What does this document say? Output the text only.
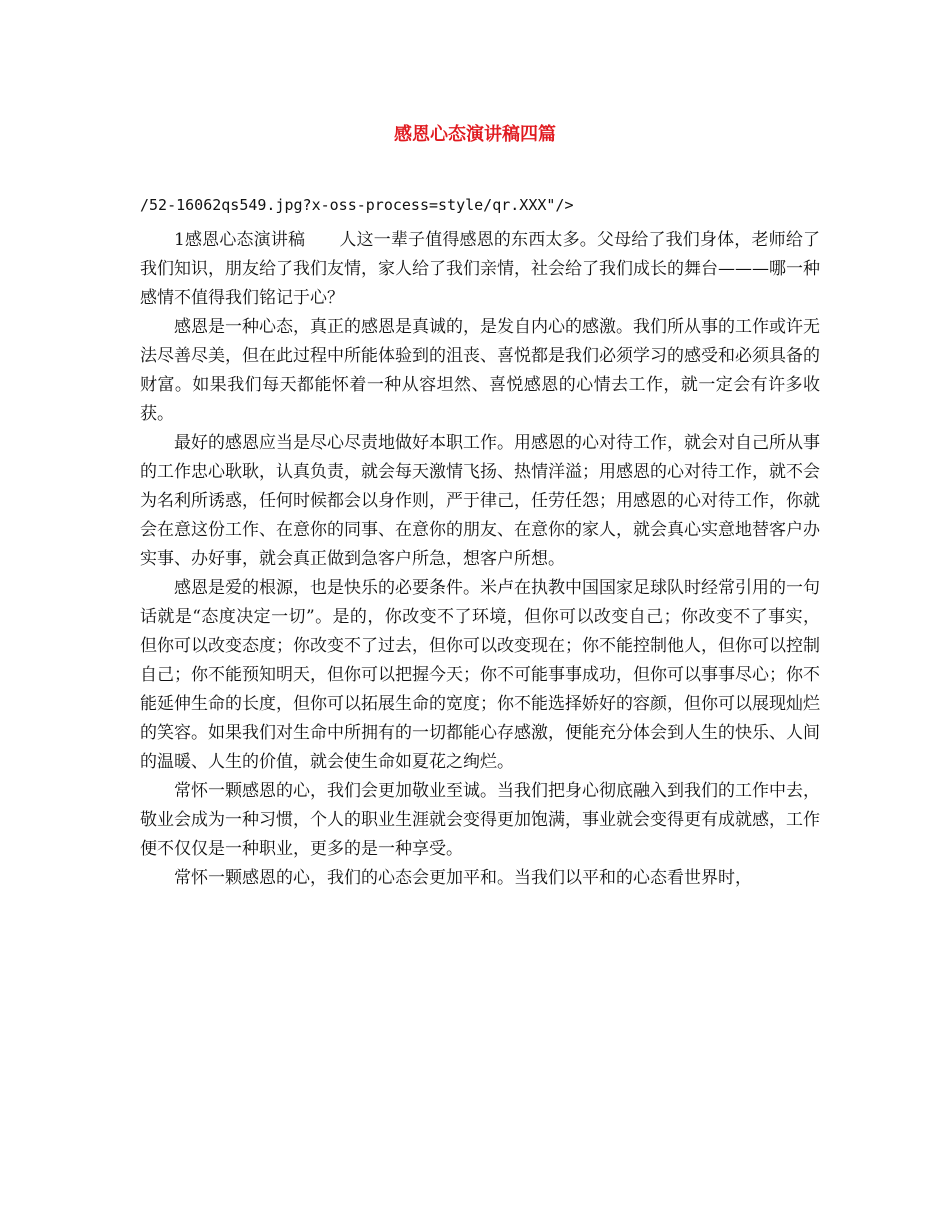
感恩心态演讲稿四篇
/52-16062qs549.jpg?x-oss-process=style/qr.XXX"/>

1感恩心态演讲稿 人这一辈子值得感恩的东西太多。父母给了我们身体，老师给了我们知识，朋友给了我们友情，家人给了我们亲情，社会给了我们成长的舞台———哪一种感情不值得我们铭记于心？

感恩是一种心态，真正的感恩是真诚的，是发自内心的感激。我们所从事的工作或许无法尽善尽美，但在此过程中所能体验到的沮丧、喜悦都是我们必须学习的感受和必须具备的财富。如果我们每天都能怀着一种从容坦然、喜悦感恩的心情去工作，就一定会有许多收获。

最好的感恩应当是尽心尽责地做好本职工作。用感恩的心对待工作，就会对自己所从事的工作忠心耿耿，认真负责，就会每天激情飞扬、热情洋溢；用感恩的心对待工作，就不会为名利所诱惑，任何时候都会以身作则，严于律己，任劳任怨；用感恩的心对待工作，你就会在意这份工作、在意你的同事、在意你的朋友、在意你的家人，就会真心实意地替客户办实事、办好事，就会真正做到急客户所急，想客户所想。

感恩是爱的根源，也是快乐的必要条件。米卢在执教中国国家足球队时经常引用的一句话就是“态度决定一切”。是的，你改变不了环境，但你可以改变自己；你改变不了事实，但你可以改变态度；你改变不了过去，但你可以改变现在；你不能控制他人，但你可以控制自己；你不能预知明天，但你可以把握今天；你不可能事事成功，但你可以事事尽心；你不能延伸生命的长度，但你可以拓展生命的宽度；你不能选择娇好的容颜，但你可以展现灿烂的笑容。如果我们对生命中所拥有的一切都能心存感激，便能充分体会到人生的快乐、人间的温暖、人生的价值，就会使生命如夏花之绚烂。

常怀一颗感恩的心，我们会更加敬业至诚。当我们把身心彻底融入到我们的工作中去，敬业会成为一种习惯，个人的职业生涯就会变得更加饱满，事业就会变得更有成就感，工作便不仅仅是一种职业，更多的是一种享受。

常怀一颗感恩的心，我们的心态会更加平和。当我们以平和的心态看世界时，
